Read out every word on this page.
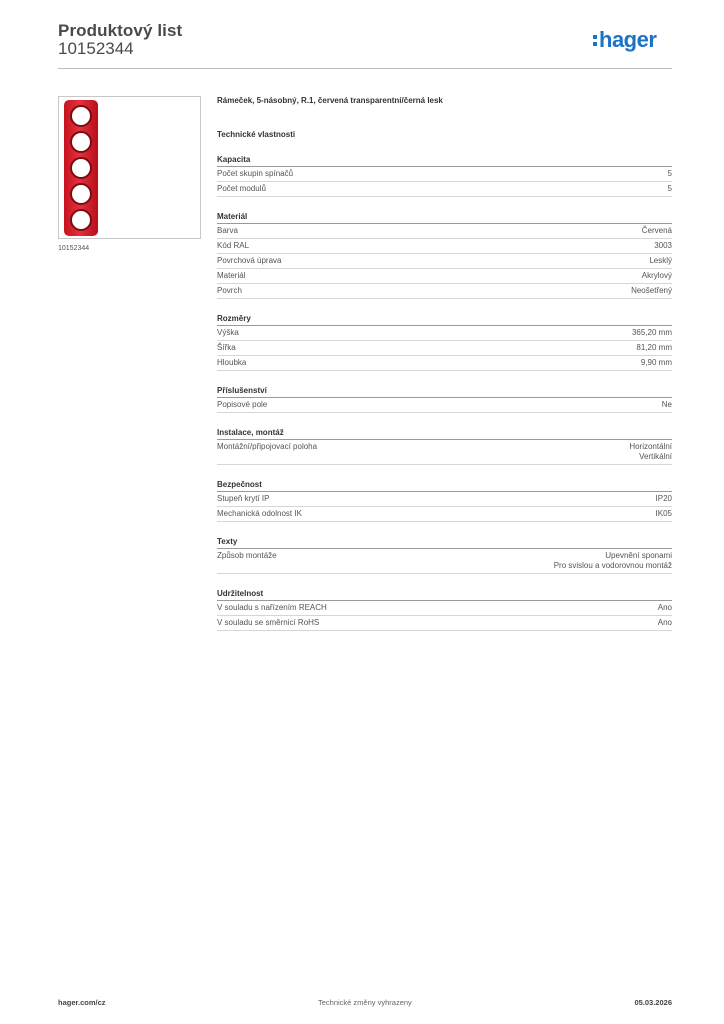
Produktový list
10152344	hager
10152344
Rámeček, 5-násobný, R.1, červená transparentní/černá lesk
Technické vlastnosti
Kapacita
Počet skupin spínačů	5
Počet modulů	5
Materiál
Barva	Červená
Kód RAL	3003
Povrchová úprava	Lesklý
Materiál	Akrylový
Povrch	Neošetřený
Rozměry
Výška	365,20 mm
Šířka	81,20 mm
Hloubka	9,90 mm
Příslušenství
Popisové pole	Ne
Instalace, montáž
Montážní/připojovací poloha	Horizontální
Vertikální
Bezpečnost
Stupeň krytí IP	IP20
Mechanická odolnost IK	IK05
Texty
Způsob montáže	Upevnění sponami
Pro svislou a vodorovnou montáž
Udržitelnost
V souladu s nařízením REACH	Ano
V souladu se směrnicí RoHS	Ano
hager.com/cz	Technické změny vyhrazeny	05.03.2026
